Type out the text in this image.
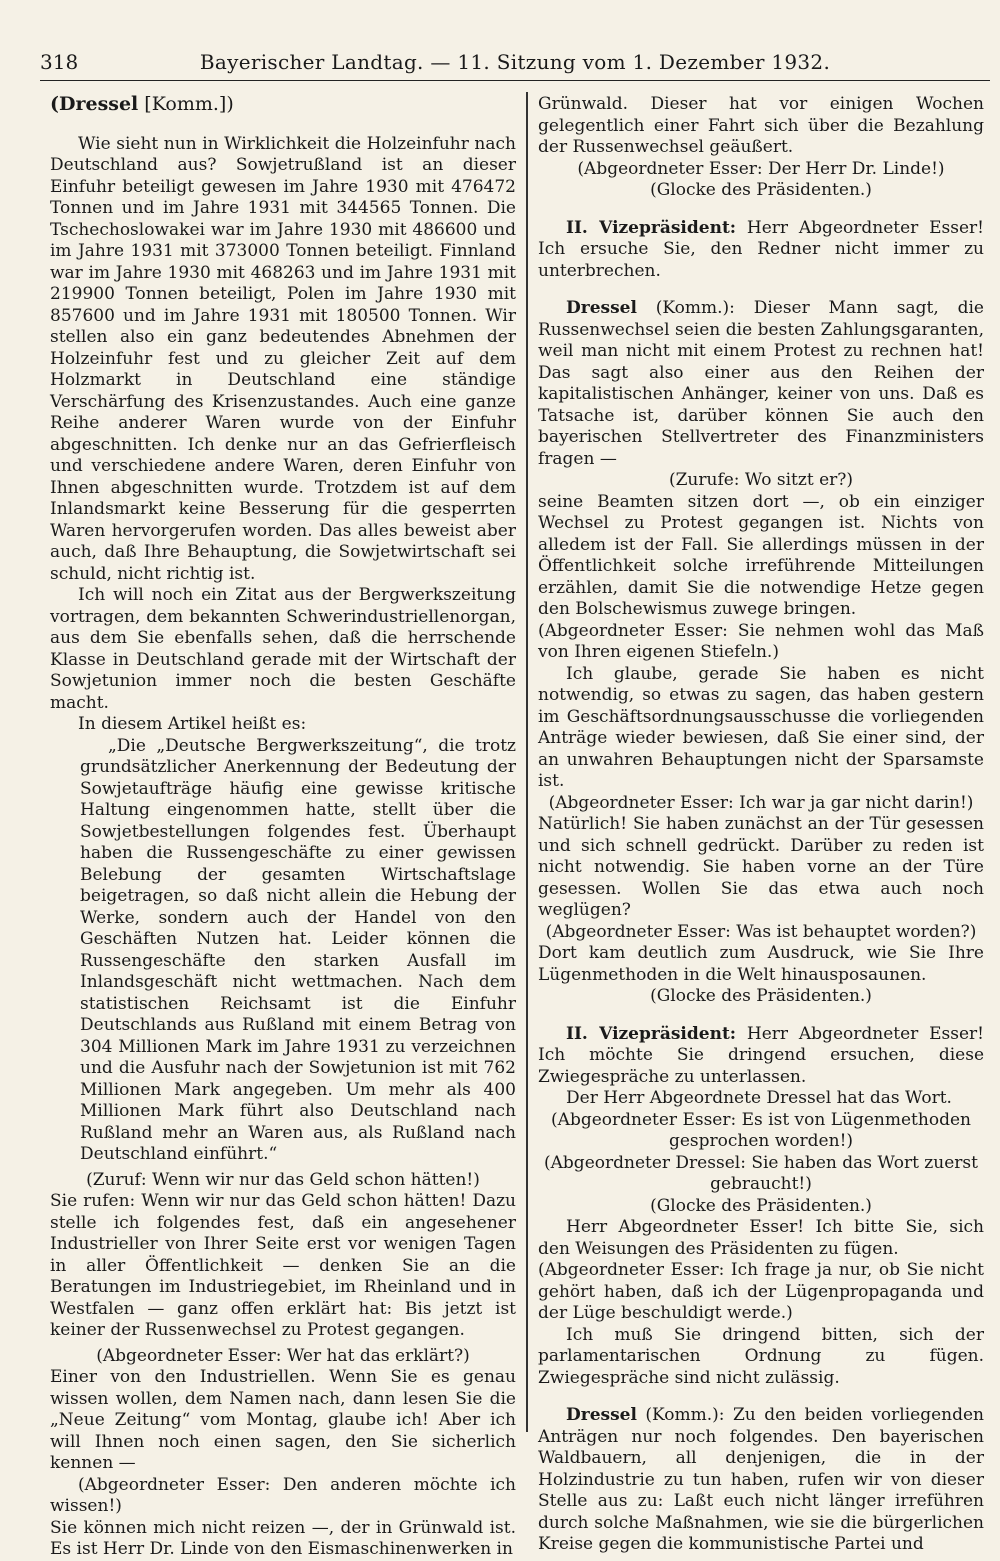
318	Bayerischer Landtag. — 11. Sitzung vom 1. Dezember 1932.

(Dressel [Komm.])

Wie sieht nun in Wirklichkeit die Holzeinfuhr nach Deutschland aus? Sowjetrußland ist an dieser Einfuhr beteiligt gewesen im Jahre 1930 mit 476472 Tonnen und im Jahre 1931 mit 344565 Tonnen. Die Tschechoslowakei war im Jahre 1930 mit 486600 und im Jahre 1931 mit 373000 Tonnen beteiligt. Finnland war im Jahre 1930 mit 468263 und im Jahre 1931 mit 219900 Tonnen beteiligt, Polen im Jahre 1930 mit 857600 und im Jahre 1931 mit 180500 Tonnen. Wir stellen also ein ganz bedeutendes Abnehmen der Holzeinfuhr fest und zu gleicher Zeit auf dem Holzmarkt in Deutschland eine ständige Verschärfung des Krisenzustandes. Auch eine ganze Reihe anderer Waren wurde von der Einfuhr abgeschnitten. Ich denke nur an das Gefrierfleisch und verschiedene andere Waren, deren Einfuhr von Ihnen abgeschnitten wurde. Trotzdem ist auf dem Inlandsmarkt keine Besserung für die gesperrten Waren hervorgerufen worden. Das alles beweist aber auch, daß Ihre Behauptung, die Sowjetwirtschaft sei schuld, nicht richtig ist.

Ich will noch ein Zitat aus der Bergwerkszeitung vortragen, dem bekannten Schwerindustriellenorgan, aus dem Sie ebenfalls sehen, daß die herrschende Klasse in Deutschland gerade mit der Wirtschaft der Sowjetunion immer noch die besten Geschäfte macht.

In diesem Artikel heißt es:

„Die „Deutsche Bergwerkszeitung“, die trotz grundsätzlicher Anerkennung der Bedeutung der Sowjetaufträge häufig eine gewisse kritische Haltung eingenommen hatte, stellt über die Sowjetbestellungen folgendes fest. Überhaupt haben die Russengeschäfte zu einer gewissen Belebung der gesamten Wirtschaftslage beigetragen, so daß nicht allein die Hebung der Werke, sondern auch der Handel von den Geschäften Nutzen hat. Leider können die Russengeschäfte den starken Ausfall im Inlandsgeschäft nicht wettmachen. Nach dem statistischen Reichsamt ist die Einfuhr Deutschlands aus Rußland mit einem Betrag von 304 Millionen Mark im Jahre 1931 zu verzeichnen und die Ausfuhr nach der Sowjetunion ist mit 762 Millionen Mark angegeben. Um mehr als 400 Millionen Mark führt also Deutschland nach Rußland mehr an Waren aus, als Rußland nach Deutschland einführt.“

(Zuruf: Wenn wir nur das Geld schon hätten!)

Sie rufen: Wenn wir nur das Geld schon hätten! Dazu stelle ich folgendes fest, daß ein angesehener Industrieller von Ihrer Seite erst vor wenigen Tagen in aller Öffentlichkeit — denken Sie an die Beratungen im Industriegebiet, im Rheinland und in Westfalen — ganz offen erklärt hat: Bis jetzt ist keiner der Russenwechsel zu Protest gegangen.

(Abgeordneter Esser: Wer hat das erklärt?)

Einer von den Industriellen. Wenn Sie es genau wissen wollen, dem Namen nach, dann lesen Sie die „Neue Zeitung“ vom Montag, glaube ich! Aber ich will Ihnen noch einen sagen, den Sie sicherlich kennen —

(Abgeordneter Esser: Den anderen möchte ich wissen!)

Sie können mich nicht reizen —, der in Grünwald ist. Es ist Herr Dr. Linde von den Eismaschinenwerken in

Grünwald. Dieser hat vor einigen Wochen gelegentlich einer Fahrt sich über die Bezahlung der Russenwechsel geäußert.

(Abgeordneter Esser: Der Herr Dr. Linde!)

(Glocke des Präsidenten.)

II. Vizepräsident: Herr Abgeordneter Esser! Ich ersuche Sie, den Redner nicht immer zu unterbrechen.

Dressel (Komm.): Dieser Mann sagt, die Russenwechsel seien die besten Zahlungsgaranten, weil man nicht mit einem Protest zu rechnen hat! Das sagt also einer aus den Reihen der kapitalistischen Anhänger, keiner von uns. Daß es Tatsache ist, darüber können Sie auch den bayerischen Stellvertreter des Finanzministers fragen —

(Zurufe: Wo sitzt er?)

seine Beamten sitzen dort —, ob ein einziger Wechsel zu Protest gegangen ist. Nichts von alledem ist der Fall. Sie allerdings müssen in der Öffentlichkeit solche irreführende Mitteilungen erzählen, damit Sie die notwendige Hetze gegen den Bolschewismus zuwege bringen.

(Abgeordneter Esser: Sie nehmen wohl das Maß von Ihren eigenen Stiefeln.)

Ich glaube, gerade Sie haben es nicht notwendig, so etwas zu sagen, das haben gestern im Geschäftsordnungsausschusse die vorliegenden Anträge wieder bewiesen, daß Sie einer sind, der an unwahren Behauptungen nicht der Sparsamste ist.

(Abgeordneter Esser: Ich war ja gar nicht darin!)

Natürlich! Sie haben zunächst an der Tür gesessen und sich schnell gedrückt. Darüber zu reden ist nicht notwendig. Sie haben vorne an der Türe gesessen. Wollen Sie das etwa auch noch weglügen?

(Abgeordneter Esser: Was ist behauptet worden?)

Dort kam deutlich zum Ausdruck, wie Sie Ihre Lügenmethoden in die Welt hinausposaunen.

(Glocke des Präsidenten.)

II. Vizepräsident: Herr Abgeordneter Esser! Ich möchte Sie dringend ersuchen, diese Zwiegespräche zu unterlassen.

Der Herr Abgeordnete Dressel hat das Wort.

(Abgeordneter Esser: Es ist von Lügenmethoden gesprochen worden!)

(Abgeordneter Dressel: Sie haben das Wort zuerst gebraucht!)

(Glocke des Präsidenten.)

Herr Abgeordneter Esser! Ich bitte Sie, sich den Weisungen des Präsidenten zu fügen.

(Abgeordneter Esser: Ich frage ja nur, ob Sie nicht gehört haben, daß ich der Lügenpropaganda und der Lüge beschuldigt werde.)

Ich muß Sie dringend bitten, sich der parlamentarischen Ordnung zu fügen. Zwiegespräche sind nicht zulässig.

Dressel (Komm.): Zu den beiden vorliegenden Anträgen nur noch folgendes. Den bayerischen Waldbauern, all denjenigen, die in der Holzindustrie zu tun haben, rufen wir von dieser Stelle aus zu: Laßt euch nicht länger irreführen durch solche Maßnahmen, wie sie die bürgerlichen Kreise gegen die kommunistische Partei und
